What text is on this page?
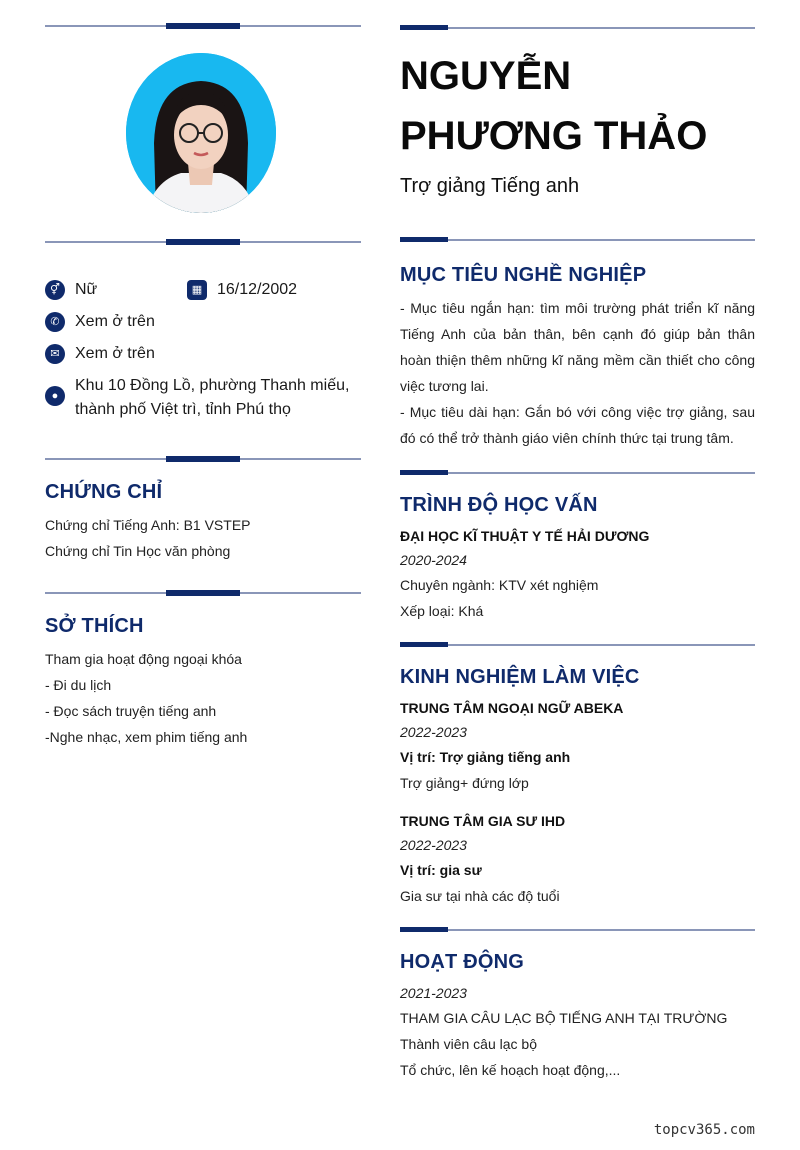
⚥ Nữ	▦ 16/12/2002
✆ Xem ở trên
✉ Xem ở trên
●
Khu 10 Đồng Lồ, phường Thanh miếu, thành phố Việt trì, tỉnh Phú thọ
CHỨNG CHỈ
Chứng chỉ Tiếng Anh: B1 VSTEP
Chứng chỉ Tin Học văn phòng
SỞ THÍCH
Tham gia hoạt động ngoại khóa
- Đi du lịch
- Đọc sách truyện tiếng anh
-Nghe nhạc, xem phim tiếng anh
NGUYỄN PHƯƠNG THẢO
Trợ giảng Tiếng anh
MỤC TIÊU NGHỀ NGHIỆP
- Mục tiêu ngắn hạn: tìm môi trường phát triển kĩ năng Tiếng Anh của bản thân, bên cạnh đó giúp bản thân hoàn thiện thêm những kĩ năng mềm cần thiết cho công việc tương lai.
- Mục tiêu dài hạn: Gắn bó với công việc trợ giảng, sau đó có thể trở thành giáo viên chính thức tại trung tâm.
TRÌNH ĐỘ HỌC VẤN
ĐẠI HỌC KĨ THUẬT Y TẾ HẢI DƯƠNG
2020-2024
Chuyên ngành: KTV xét nghiệm
Xếp loại: Khá
KINH NGHIỆM LÀM VIỆC
TRUNG TÂM NGOẠI NGỮ ABEKA
2022-2023
Vị trí: Trợ giảng tiếng anh
Trợ giảng+ đứng lớp
TRUNG TÂM GIA SƯ IHD
2022-2023
Vị trí: gia sư
Gia sư tại nhà các độ tuổi
HOẠT ĐỘNG
2021-2023
THAM GIA CÂU LẠC BỘ TIẾNG ANH TẠI TRƯỜNG
Thành viên câu lạc bộ
Tổ chức, lên kế hoạch hoạt động,...
topcv365.com
